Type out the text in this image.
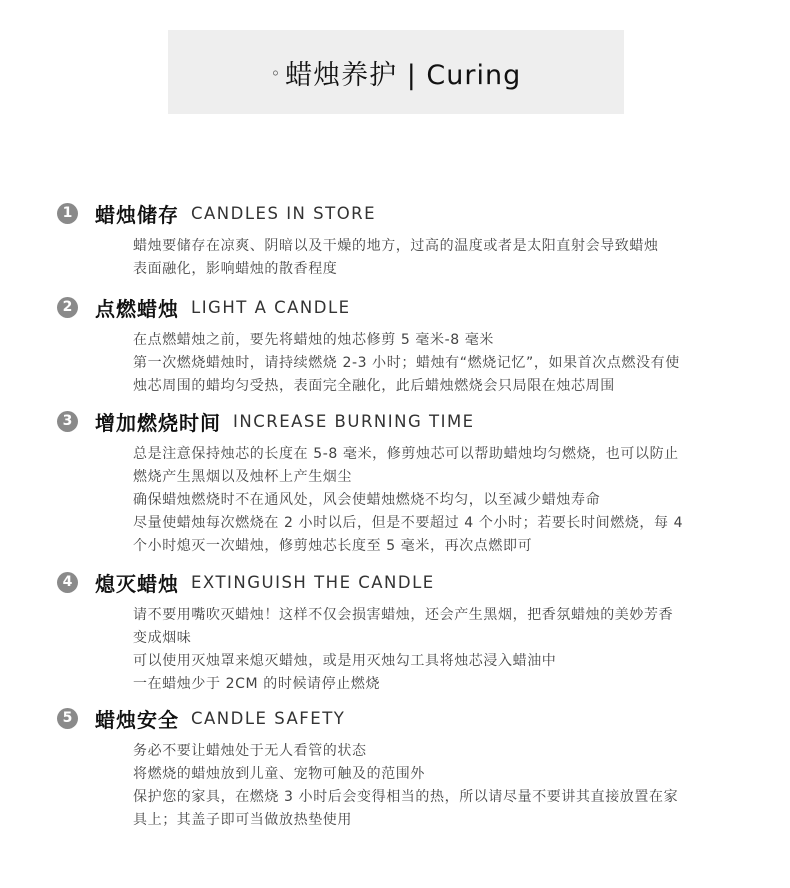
◦ 蜡烛养护 | Curing
1 蜡烛储存 CANDLES IN STORE
蜡烛要储存在凉爽、阴暗以及干燥的地方，过高的温度或者是太阳直射会导致蜡烛
表面融化，影响蜡烛的散香程度
2 点燃蜡烛 LIGHT A CANDLE
在点燃蜡烛之前，要先将蜡烛的烛芯修剪 5 毫米-8 毫米
第一次燃烧蜡烛时，请持续燃烧 2-3 小时；蜡烛有“燃烧记忆”，如果首次点燃没有使
烛芯周围的蜡均匀受热，表面完全融化，此后蜡烛燃烧会只局限在烛芯周围
3 增加燃烧时间 INCREASE BURNING TIME
总是注意保持烛芯的长度在 5-8 毫米，修剪烛芯可以帮助蜡烛均匀燃烧，也可以防止
燃烧产生黑烟以及烛杯上产生烟尘
确保蜡烛燃烧时不在通风处，风会使蜡烛燃烧不均匀，以至减少蜡烛寿命
尽量使蜡烛每次燃烧在 2 小时以后，但是不要超过 4 个小时；若要长时间燃烧，每 4
个小时熄灭一次蜡烛，修剪烛芯长度至 5 毫米，再次点燃即可
4 熄灭蜡烛 EXTINGUISH THE CANDLE
请不要用嘴吹灭蜡烛！这样不仅会损害蜡烛，还会产生黑烟，把香氛蜡烛的美妙芳香
变成烟味
可以使用灭烛罩来熄灭蜡烛，或是用灭烛勾工具将烛芯浸入蜡油中
一在蜡烛少于 2CM 的时候请停止燃烧
5 蜡烛安全 CANDLE SAFETY
务必不要让蜡烛处于无人看管的状态
将燃烧的蜡烛放到儿童、宠物可触及的范围外
保护您的家具，在燃烧 3 小时后会变得相当的热，所以请尽量不要讲其直接放置在家
具上；其盖子即可当做放热垫使用
